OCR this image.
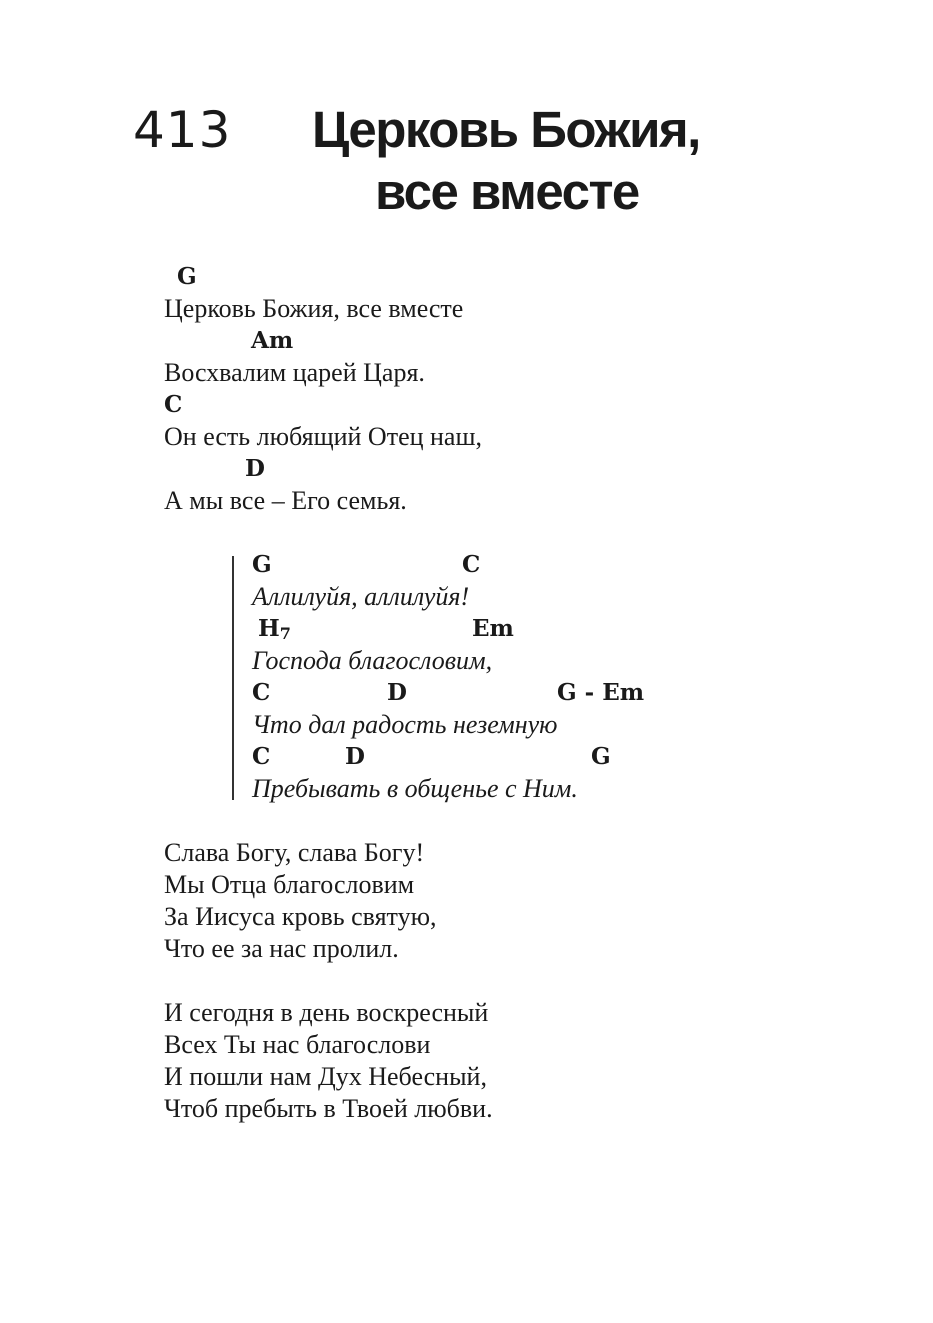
413 Церковь Божия,
все вместе
G
Церковь Божия, все вместе
Am
Восхвалим царей Царя.
C
Он есть любящий Отец наш,
D
А мы все – Его семья.
G	C
Аллилуйя, аллилуйя!
H7	Em
Господа благословим,
C	D	G - Em
Что дал радость неземную
C	D	G
Пребывать в общенье с Ним.
Слава Богу, слава Богу!
Мы Отца благословим
За Иисуса кровь святую,
Что ее за нас пролил.
И сегодня в день воскресный
Всех Ты нас благослови
И пошли нам Дух Небесный,
Чтоб пребыть в Твоей любви.
